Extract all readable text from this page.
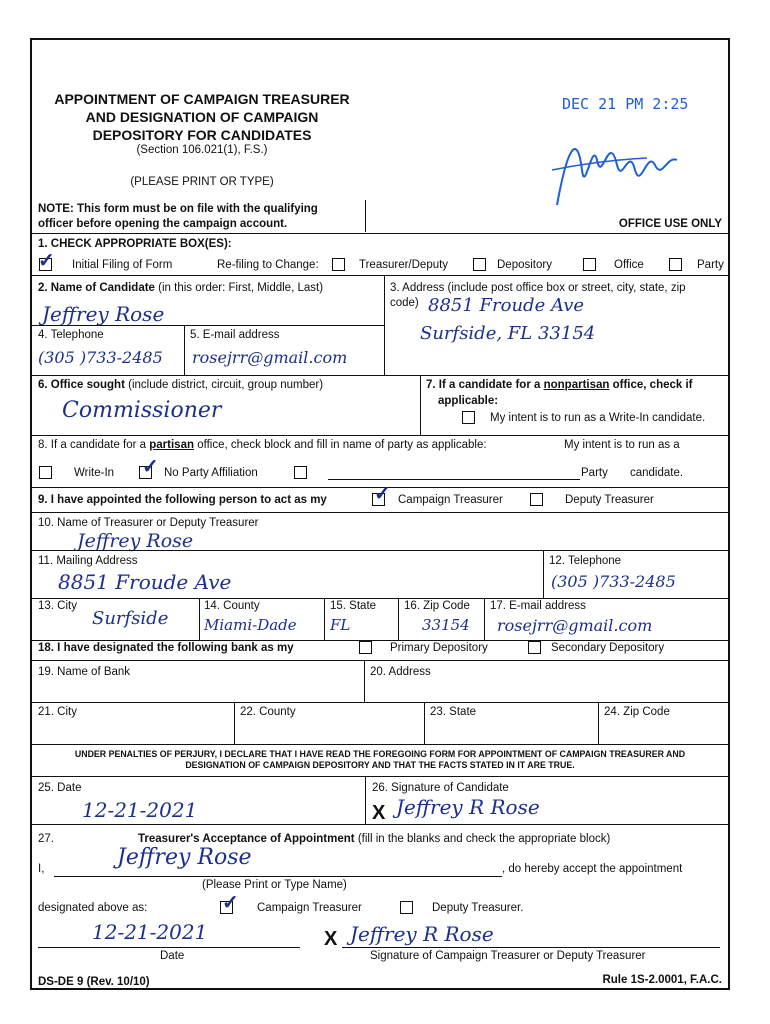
APPOINTMENT OF CAMPAIGN TREASURER
AND DESIGNATION OF CAMPAIGN
DEPOSITORY FOR CANDIDATES
(Section 106.021(1), F.S.)
(PLEASE PRINT OR TYPE)
NOTE: This form must be on file with the qualifying
officer before opening the campaign account.
DEC 21 PM 2:25
OFFICE USE ONLY
1. CHECK APPROPRIATE BOX(ES):
✓ Initial Filing of Form	Re-filing to Change:	Treasurer/Deputy	Depository	Office	Party
2. Name of Candidate (in this order: First, Middle, Last)
Jeffrey Rose
3. Address (include post office box or street, city, state, zip
code) 8851 Froude Ave
Surfside, FL 33154
4. Telephone
(305 )733-2485
5. E-mail address
rosejrr@gmail.com
6. Office sought (include district, circuit, group number)
Commissioner
7. If a candidate for a nonpartisan office, check if
applicable:
My intent is to run as a Write-In candidate.
8. If a candidate for a partisan office, check block and fill in name of party as applicable:	My intent is to run as a
Write-In ✓ No Party Affiliation	Party candidate.
9. I have appointed the following person to act as my ✓ Campaign Treasurer	Deputy Treasurer
10. Name of Treasurer or Deputy Treasurer
Jeffrey Rose
11. Mailing Address
8851 Froude Ave
12. Telephone
(305 )733-2485
13. City
Surfside
14. County
Miami-Dade
15. State
FL
16. Zip Code
33154
17. E-mail address
rosejrr@gmail.com
18. I have designated the following bank as my	Primary Depository	Secondary Depository
19. Name of Bank	20. Address
21. City	22. County	23. State	24. Zip Code
UNDER PENALTIES OF PERJURY, I DECLARE THAT I HAVE READ THE FOREGOING FORM FOR APPOINTMENT OF CAMPAIGN TREASURER AND
DESIGNATION OF CAMPAIGN DEPOSITORY AND THAT THE FACTS STATED IN IT ARE TRUE.
25. Date
12-21-2021
26. Signature of Candidate
X Jeffrey R Rose
27.	Treasurer's Acceptance of Appointment (fill in the blanks and check the appropriate block)
I,	Jeffrey Rose	, do hereby accept the appointment
(Please Print or Type Name)
designated above as:	✓ Campaign Treasurer	Deputy Treasurer.
12-21-2021
Date
X Jeffrey R Rose
Signature of Campaign Treasurer or Deputy Treasurer
DS-DE 9 (Rev. 10/10)	Rule 1S-2.0001, F.A.C.
